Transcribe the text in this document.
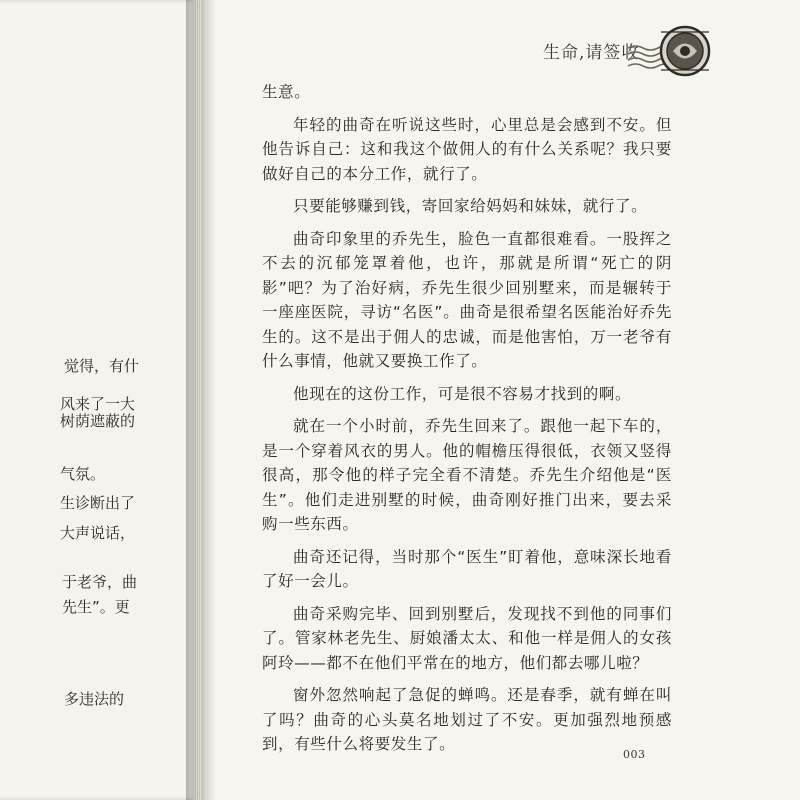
觉得，有什
风来了一大
树荫遮蔽的
气氛。
生诊断出了
大声说话，
于老爷，曲
先生”。更
多违法的
生命,请签收

生意。

年轻的曲奇在听说这些时，心里总是会感到不安。但他告诉自己：这和我这个做佣人的有什么关系呢？我只要做好自己的本分工作，就行了。

只要能够赚到钱，寄回家给妈妈和妹妹，就行了。

曲奇印象里的乔先生，脸色一直都很难看。一股挥之不去的沉郁笼罩着他，也许，那就是所谓“死亡的阴影”吧？为了治好病，乔先生很少回别墅来，而是辗转于一座座医院，寻访“名医”。曲奇是很希望名医能治好乔先生的。这不是出于佣人的忠诚，而是他害怕，万一老爷有什么事情，他就又要换工作了。

他现在的这份工作，可是很不容易才找到的啊。

就在一个小时前，乔先生回来了。跟他一起下车的，是一个穿着风衣的男人。他的帽檐压得很低，衣领又竖得很高，那令他的样子完全看不清楚。乔先生介绍他是“医生”。他们走进别墅的时候，曲奇刚好推门出来，要去采购一些东西。

曲奇还记得，当时那个“医生”盯着他，意味深长地看了好一会儿。

曲奇采购完毕、回到别墅后，发现找不到他的同事们了。管家林老先生、厨娘潘太太、和他一样是佣人的女孩阿玲——都不在他们平常在的地方，他们都去哪儿啦？

窗外忽然响起了急促的蝉鸣。还是春季，就有蝉在叫了吗？曲奇的心头莫名地划过了不安。更加强烈地预感到，有些什么将要发生了。

003
